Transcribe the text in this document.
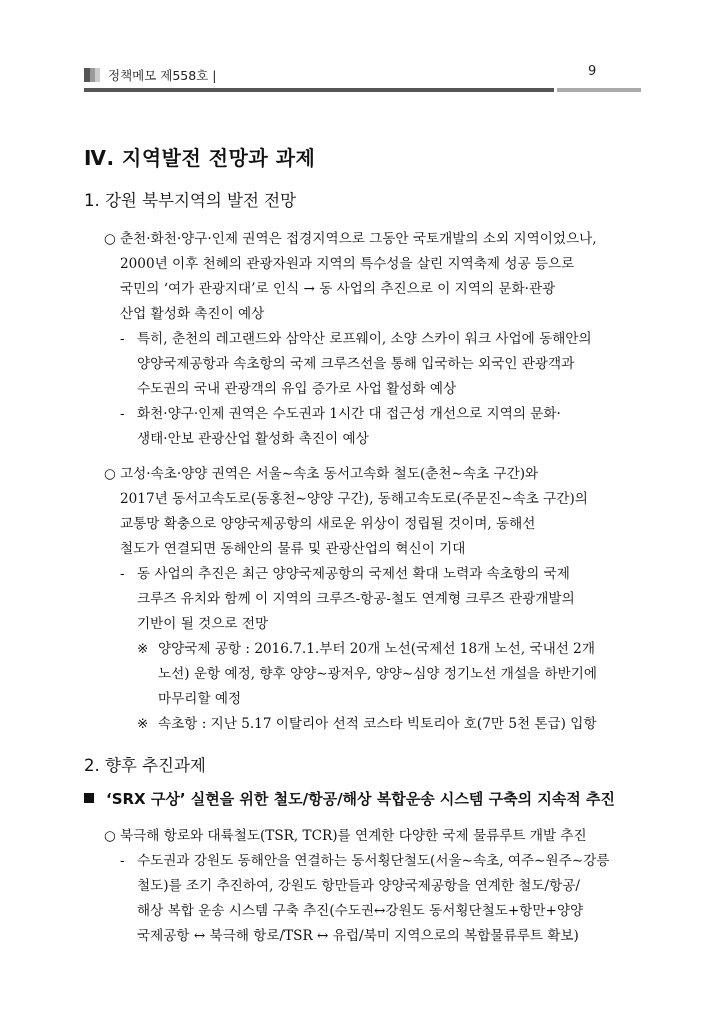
정책메모 제558호 |	9
Ⅳ. 지역발전 전망과 과제
1. 강원 북부지역의 발전 전망
○ 춘천·화천·양구·인제 권역은 접경지역으로 그동안 국토개발의 소외 지역이었으나,
2000년 이후 천혜의 관광자원과 지역의 특수성을 살린 지역축제 성공 등으로
국민의 ‘여가 관광지대’로 인식 → 동 사업의 추진으로 이 지역의 문화·관광
산업 활성화 촉진이 예상
- 특히, 춘천의 레고랜드와 삼악산 로프웨이, 소양 스카이 워크 사업에 동해안의
양양국제공항과 속초항의 국제 크루즈선을 통해 입국하는 외국인 관광객과
수도권의 국내 관광객의 유입 증가로 사업 활성화 예상
- 화천·양구·인제 권역은 수도권과 1시간 대 접근성 개선으로 지역의 문화·
생태·안보 관광산업 활성화 촉진이 예상
○ 고성·속초·양양 권역은 서울∼속초 동서고속화 철도(춘천∼속초 구간)와
2017년 동서고속도로(동홍천∼양양 구간), 동해고속도로(주문진∼속초 구간)의
교통망 확충으로 양양국제공항의 새로운 위상이 정립될 것이며, 동해선
철도가 연결되면 동해안의 물류 및 관광산업의 혁신이 기대
- 동 사업의 추진은 최근 양양국제공항의 국제선 확대 노력과 속초항의 국제
크루즈 유치와 함께 이 지역의 크루즈-항공-철도 연계형 크루즈 관광개발의
기반이 될 것으로 전망
※ 양양국제 공항 : 2016.7.1.부터 20개 노선(국제선 18개 노선, 국내선 2개
노선) 운항 예정, 향후 양양∼광저우, 양양∼심양 정기노선 개설을 하반기에
마무리할 예정
※ 속초항 : 지난 5.17 이탈리아 선적 코스타 빅토리아 호(7만 5천 톤급) 입항
2. 향후 추진과제
‘SRX 구상’ 실현을 위한 철도/항공/해상 복합운송 시스템 구축의 지속적 추진
○ 북극해 항로와 대륙철도(TSR, TCR)를 연계한 다양한 국제 물류루트 개발 추진
- 수도권과 강원도 동해안을 연결하는 동서횡단철도(서울∼속초, 여주∼원주∼강릉
철도)를 조기 추진하여, 강원도 항만들과 양양국제공항을 연계한 철도/항공/
해상 복합 운송 시스템 구축 추진(수도권↔강원도 동서횡단철도+항만+양양
국제공항 ↔ 북극해 항로/TSR ↔ 유럽/북미 지역으로의 복합물류루트 확보)
